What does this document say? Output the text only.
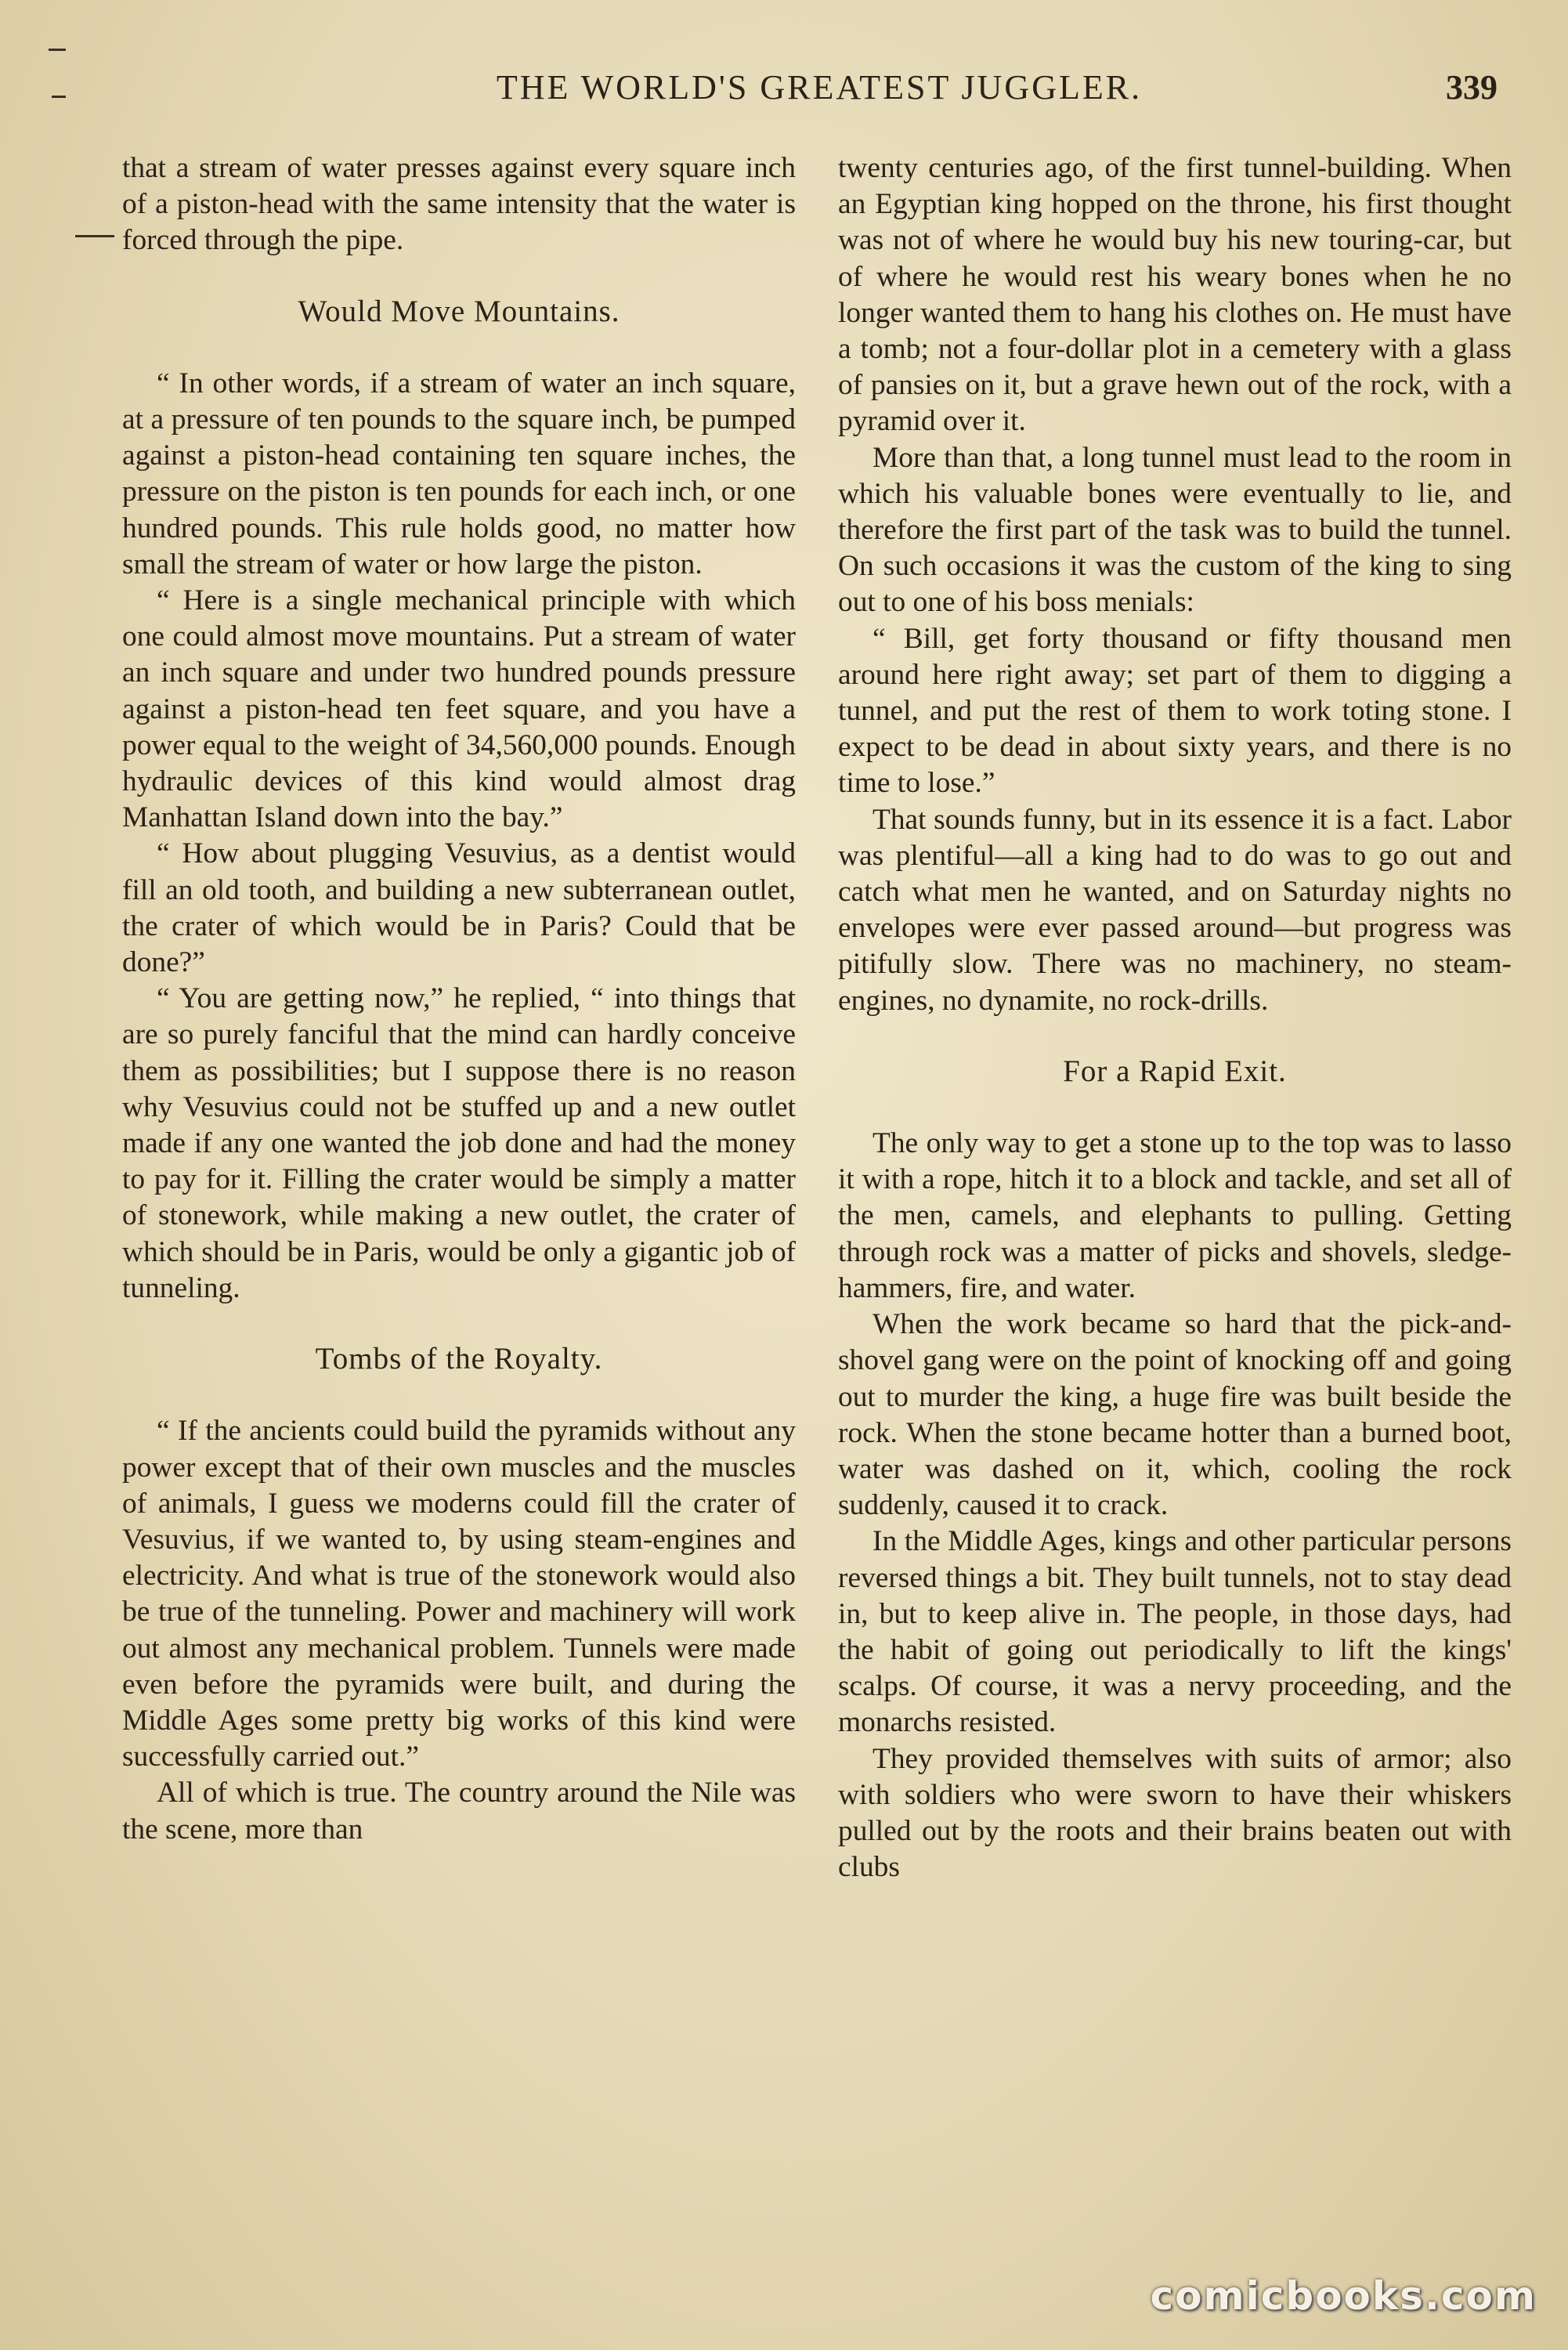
THE WORLD'S GREATEST JUGGLER.	339

that a stream of water presses against every square inch of a piston-head with the same intensity that the water is forced through the pipe.

Would Move Mountains.

“ In other words, if a stream of water an inch square, at a pressure of ten pounds to the square inch, be pumped against a piston-head containing ten square inches, the pressure on the piston is ten pounds for each inch, or one hundred pounds. This rule holds good, no matter how small the stream of water or how large the piston.

“ Here is a single mechanical principle with which one could almost move mountains. Put a stream of water an inch square and under two hundred pounds pressure against a piston-head ten feet square, and you have a power equal to the weight of 34,560,000 pounds. Enough hydraulic devices of this kind would almost drag Manhattan Island down into the bay.”

“ How about plugging Vesuvius, as a dentist would fill an old tooth, and building a new subterranean outlet, the crater of which would be in Paris? Could that be done?”

“ You are getting now,” he replied, “ into things that are so purely fanciful that the mind can hardly conceive them as possibilities; but I suppose there is no reason why Vesuvius could not be stuffed up and a new outlet made if any one wanted the job done and had the money to pay for it. Filling the crater would be simply a matter of stonework, while making a new outlet, the crater of which should be in Paris, would be only a gigantic job of tunneling.

Tombs of the Royalty.

“ If the ancients could build the pyramids without any power except that of their own muscles and the muscles of animals, I guess we moderns could fill the crater of Vesuvius, if we wanted to, by using steam-engines and electricity. And what is true of the stonework would also be true of the tunneling. Power and machinery will work out almost any mechanical problem. Tunnels were made even before the pyramids were built, and during the Middle Ages some pretty big works of this kind were successfully carried out.”

All of which is true. The country around the Nile was the scene, more than

twenty centuries ago, of the first tunnel-building. When an Egyptian king hopped on the throne, his first thought was not of where he would buy his new touring-car, but of where he would rest his weary bones when he no longer wanted them to hang his clothes on. He must have a tomb; not a four-dollar plot in a cemetery with a glass of pansies on it, but a grave hewn out of the rock, with a pyramid over it.

More than that, a long tunnel must lead to the room in which his valuable bones were eventually to lie, and therefore the first part of the task was to build the tunnel. On such occasions it was the custom of the king to sing out to one of his boss menials:

“ Bill, get forty thousand or fifty thousand men around here right away; set part of them to digging a tunnel, and put the rest of them to work toting stone. I expect to be dead in about sixty years, and there is no time to lose.”

That sounds funny, but in its essence it is a fact. Labor was plentiful—all a king had to do was to go out and catch what men he wanted, and on Saturday nights no envelopes were ever passed around—but progress was pitifully slow. There was no machinery, no steam-engines, no dynamite, no rock-drills.

For a Rapid Exit.

The only way to get a stone up to the top was to lasso it with a rope, hitch it to a block and tackle, and set all of the men, camels, and elephants to pulling. Getting through rock was a matter of picks and shovels, sledge-hammers, fire, and water.

When the work became so hard that the pick-and-shovel gang were on the point of knocking off and going out to murder the king, a huge fire was built beside the rock. When the stone became hotter than a burned boot, water was dashed on it, which, cooling the rock suddenly, caused it to crack.

In the Middle Ages, kings and other particular persons reversed things a bit. They built tunnels, not to stay dead in, but to keep alive in. The people, in those days, had the habit of going out periodically to lift the kings' scalps. Of course, it was a nervy proceeding, and the monarchs resisted.

They provided themselves with suits of armor; also with soldiers who were sworn to have their whiskers pulled out by the roots and their brains beaten out with clubs

comicbooks.com
